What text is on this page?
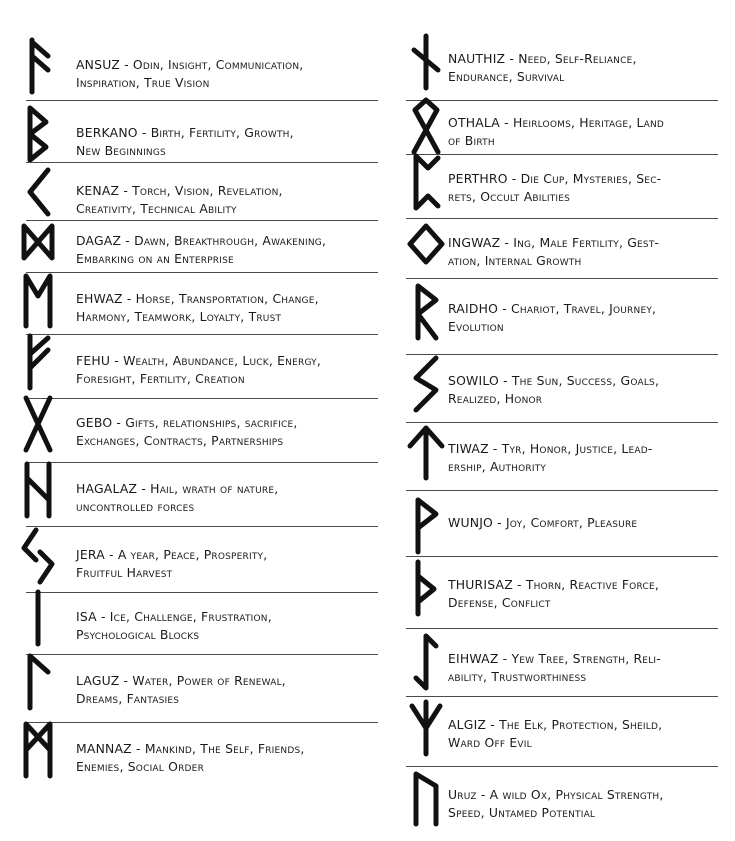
ANSUZ - Odin, Insight, Communication,
Inspiration, True Vision
BERKANO - Birth, Fertility, Growth,
New Beginnings
KENAZ - Torch, Vision, Revelation,
Creativity, Technical Ability
DAGAZ - Dawn, Breakthrough, Awakening,
Embarking on an Enterprise
EHWAZ - Horse, Transportation, Change,
Harmony, Teamwork, Loyalty, Trust
FEHU - Wealth, Abundance, Luck, Energy,
Foresight, Fertility, Creation
GEBO - Gifts, relationships, sacrifice,
Exchanges, Contracts, Partnerships
HAGALAZ - Hail, wrath of nature,
uncontrolled forces
JERA - A year, Peace, Prosperity,
Fruitful Harvest
ISA - Ice, Challenge, Frustration,
Psychological Blocks
LAGUZ - Water, Power of Renewal,
Dreams, Fantasies
MANNAZ - Mankind, The Self, Friends,
Enemies, Social Order
NAUTHIZ - Need, Self-Reliance,
Endurance, Survival
OTHALA - Heirlooms, Heritage, Land
of Birth
PERTHRO - Die Cup, Mysteries, Sec-
rets, Occult Abilities
INGWAZ - Ing, Male Fertility, Gest-
ation, Internal Growth
RAIDHO - Chariot, Travel, Journey,
Evolution
SOWILO - The Sun, Success, Goals,
Realized, Honor
TIWAZ - Tyr, Honor, Justice, Lead-
ership, Authority
WUNJO - Joy, Comfort, Pleasure
THURISAZ - Thorn, Reactive Force,
Defense, Conflict
EIHWAZ - Yew Tree, Strength, Reli-
ability, Trustworthiness
ALGIZ - The Elk, Protection, Sheild,
Ward Off Evil
Uruz - A wild Ox, Physical Strength,
Speed, Untamed Potential
